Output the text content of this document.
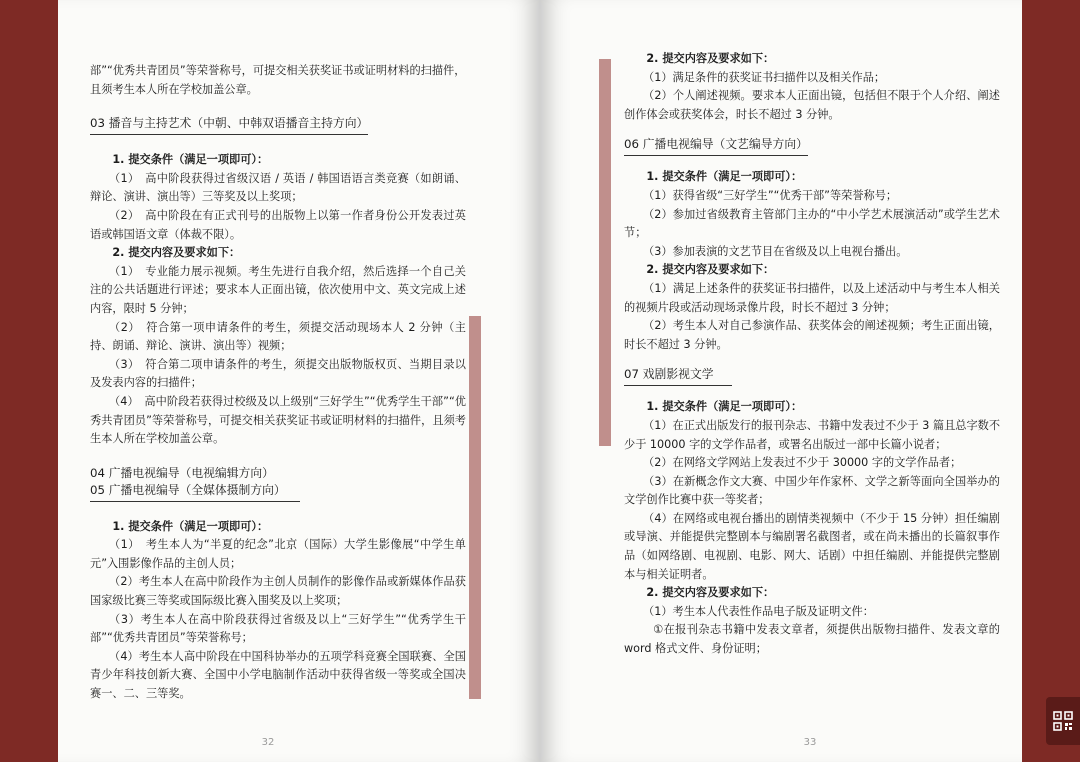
部”“优秀共青团员”等荣誉称号，可提交相关获奖证书或证明材料的扫描件，

且须考生本人所在学校加盖公章。

03 播音与主持艺术（中朝、中韩双语播音主持方向）

1. 提交条件（满足一项即可）：

（1）　高中阶段获得过省级汉语 / 英语 / 韩国语语言类竞赛（如朗诵、辩论、演讲、演出等）三等奖及以上奖项；

（2）　高中阶段在有正式刊号的出版物上以第一作者身份公开发表过英语或韩国语文章（体裁不限）。

2. 提交内容及要求如下：

（1）　专业能力展示视频。考生先进行自我介绍，然后选择一个自己关注的公共话题进行评述；要求本人正面出镜，依次使用中文、英文完成上述内容，限时 5 分钟；

（2）　符合第一项申请条件的考生，须提交活动现场本人 2 分钟（主持、朗诵、辩论、演讲、演出等）视频；

（3）　符合第二项申请条件的考生，须提交出版物版权页、当期目录以及发表内容的扫描件；

（4）　高中阶段若获得过校级及以上级别“三好学生”“优秀学生干部”“优秀共青团员”等荣誉称号，可提交相关获奖证书或证明材料的扫描件，且须考生本人所在学校加盖公章。

04 广播电视编导（电视编辑方向）
05 广播电视编导（全媒体摄制方向）

1. 提交条件（满足一项即可）：

（1）　考生本人为“半夏的纪念”北京（国际）大学生影像展“中学生单元”入围影像作品的主创人员；

（2）考生本人在高中阶段作为主创人员制作的影像作品或新媒体作品获国家级比赛三等奖或国际级比赛入围奖及以上奖项；

（3）考生本人在高中阶段获得过省级及以上“三好学生”“优秀学生干部”“优秀共青团员”等荣誉称号；

（4）考生本人高中阶段在中国科协举办的五项学科竞赛全国联赛、全国青少年科技创新大赛、全国中小学电脑制作活动中获得省级一等奖或全国决赛一、二、三等奖。

32

2. 提交内容及要求如下：

（1）满足条件的获奖证书扫描件以及相关作品；

（2）个人阐述视频。要求本人正面出镜，包括但不限于个人介绍、阐述创作体会或获奖体会，时长不超过 3 分钟。

06 广播电视编导（文艺编导方向）

1. 提交条件（满足一项即可）：

（1）获得省级“三好学生”“优秀干部”等荣誉称号；

（2）参加过省级教育主管部门主办的“中小学艺术展演活动”或学生艺术节；

（3）参加表演的文艺节目在省级及以上电视台播出。

2. 提交内容及要求如下：

（1）满足上述条件的获奖证书扫描件，以及上述活动中与考生本人相关的视频片段或活动现场录像片段，时长不超过 3 分钟；

（2）考生本人对自己参演作品、获奖体会的阐述视频；考生正面出镜，时长不超过 3 分钟。

07 戏剧影视文学

1. 提交条件（满足一项即可）：

（1）在正式出版发行的报刊杂志、书籍中发表过不少于 3 篇且总字数不少于 10000 字的文学作品者，或署名出版过一部中长篇小说者；

（2）在网络文学网站上发表过不少于 30000 字的文学作品者；

（3）在新概念作文大赛、中国少年作家杯、文学之新等面向全国举办的文学创作比赛中获一等奖者；

（4）在网络或电视台播出的剧情类视频中（不少于 15 分钟）担任编剧或导演、并能提供完整剧本与编剧署名截图者，或在尚未播出的长篇叙事作品（如网络剧、电视剧、电影、网大、话剧）中担任编剧、并能提供完整剧本与相关证明者。

2. 提交内容及要求如下：

（1）考生本人代表性作品电子版及证明文件：

①在报刊杂志书籍中发表文章者，须提供出版物扫描件、发表文章的 word 格式文件、身份证明；

33
